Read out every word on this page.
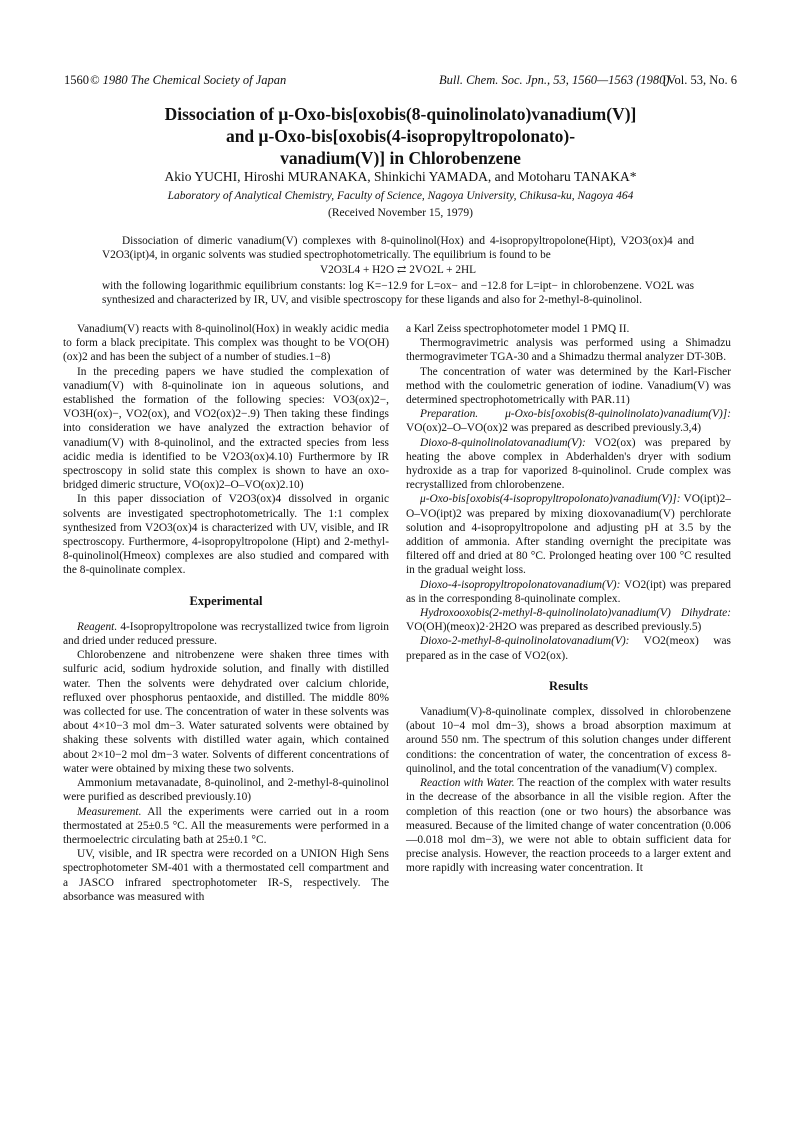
1560 © 1980 The Chemical Society of Japan	Bull. Chem. Soc. Jpn., 53, 1560—1563 (1980)
[Vol. 53, No. 6
Dissociation of μ-Oxo-bis[oxobis(8-quinolinolato)vanadium(V)]
and μ-Oxo-bis[oxobis(4-isopropyltropolonato)-
vanadium(V)] in Chlorobenzene
Akio YUCHI, Hiroshi MURANAKA, Shinkichi YAMADA, and Motoharu TANAKA*
Laboratory of Analytical Chemistry, Faculty of Science, Nagoya University, Chikusa-ku, Nagoya 464
(Received November 15, 1979)

Dissociation of dimeric vanadium(V) complexes with 8-quinolinol(Hox) and 4-isopropyltropolone(Hipt), V2O3(ox)4 and V2O3(ipt)4, in organic solvents was studied spectrophotometrically. The equilibrium is found to be

V2O3L4 + H2O ⇄ 2VO2L + 2HL

with the following logarithmic equilibrium constants: log K=−12.9 for L=ox− and −12.8 for L=ipt− in chlorobenzene. VO2L was synthesized and characterized by IR, UV, and visible spectroscopy for these ligands and also for 2-methyl-8-quinolinol.

Vanadium(V) reacts with 8-quinolinol(Hox) in weakly acidic media to form a black precipitate. This complex was thought to be VO(OH)(ox)2 and has been the subject of a number of studies.1−8)

In the preceding papers we have studied the complexation of vanadium(V) with 8-quinolinate ion in aqueous solutions, and established the formation of the following species: VO3(ox)2−, VO3H(ox)−, VO2(ox), and VO2(ox)2−.9) Then taking these findings into consideration we have analyzed the extraction behavior of vanadium(V) with 8-quinolinol, and the extracted species from less acidic media is identified to be V2O3(ox)4.10) Furthermore by IR spectroscopy in solid state this complex is shown to have an oxo-bridged dimeric structure, VO(ox)2–O–VO(ox)2.10)

In this paper dissociation of V2O3(ox)4 dissolved in organic solvents are investigated spectrophotometrically. The 1:1 complex synthesized from V2O3(ox)4 is characterized with UV, visible, and IR spectroscopy. Furthermore, 4-isopropyltropolone (Hipt) and 2-methyl-8-quinolinol(Hmeox) complexes are also studied and compared with the 8-quinolinate complex.

Experimental

Reagent. 4-Isopropyltropolone was recrystallized twice from ligroin and dried under reduced pressure.

Chlorobenzene and nitrobenzene were shaken three times with sulfuric acid, sodium hydroxide solution, and finally with distilled water. Then the solvents were dehydrated over calcium chloride, refluxed over phosphorus pentaoxide, and distilled. The middle 80% was collected for use. The concentration of water in these solvents was about 4×10−3 mol dm−3. Water saturated solvents were obtained by shaking these solvents with distilled water again, which contained about 2×10−2 mol dm−3 water. Solvents of different concentrations of water were obtained by mixing these two solvents.

Ammonium metavanadate, 8-quinolinol, and 2-methyl-8-quinolinol were purified as described previously.10)

Measurement. All the experiments were carried out in a room thermostated at 25±0.5 °C. All the measurements were performed in a thermoelectric circulating bath at 25±0.1 °C.

UV, visible, and IR spectra were recorded on a UNION High Sens spectrophotometer SM-401 with a thermostated cell compartment and a JASCO infrared spectrophotometer IR-S, respectively. The absorbance was measured with

a Karl Zeiss spectrophotometer model 1 PMQ II.

Thermogravimetric analysis was performed using a Shimadzu thermogravimeter TGA-30 and a Shimadzu thermal analyzer DT-30B.

The concentration of water was determined by the Karl-Fischer method with the coulometric generation of iodine. Vanadium(V) was determined spectrophotometrically with PAR.11)

Preparation. μ-Oxo-bis[oxobis(8-quinolinolato)vanadium(V)]: VO(ox)2–O–VO(ox)2 was prepared as described previously.3,4)

Dioxo-8-quinolinolatovanadium(V): VO2(ox) was prepared by heating the above complex in Abderhalden's dryer with sodium hydroxide as a trap for vaporized 8-quinolinol. Crude complex was recrystallized from chlorobenzene.

μ-Oxo-bis[oxobis(4-isopropyltropolonato)vanadium(V)]: VO(ipt)2–O–VO(ipt)2 was prepared by mixing dioxovanadium(V) perchlorate solution and 4-isopropyltropolone and adjusting pH at 3.5 by the addition of ammonia. After standing overnight the precipitate was filtered off and dried at 80 °C. Prolonged heating over 100 °C resulted in the gradual weight loss.

Dioxo-4-isopropyltropolonatovanadium(V): VO2(ipt) was prepared as in the corresponding 8-quinolinate complex.

Hydroxooxobis(2-methyl-8-quinolinolato)vanadium(V) Dihydrate: VO(OH)(meox)2·2H2O was prepared as described previously.5)

Dioxo-2-methyl-8-quinolinolatovanadium(V): VO2(meox) was prepared as in the case of VO2(ox).

Results

Vanadium(V)-8-quinolinate complex, dissolved in chlorobenzene (about 10−4 mol dm−3), shows a broad absorption maximum at around 550 nm. The spectrum of this solution changes under different conditions: the concentration of water, the concentration of excess 8-quinolinol, and the total concentration of the vanadium(V) complex.

Reaction with Water. The reaction of the complex with water results in the decrease of the absorbance in all the visible region. After the completion of this reaction (one or two hours) the absorbance was measured. Because of the limited change of water concentration (0.006—0.018 mol dm−3), we were not able to obtain sufficient data for precise analysis. However, the reaction proceeds to a larger extent and more rapidly with increasing water concentration. It
